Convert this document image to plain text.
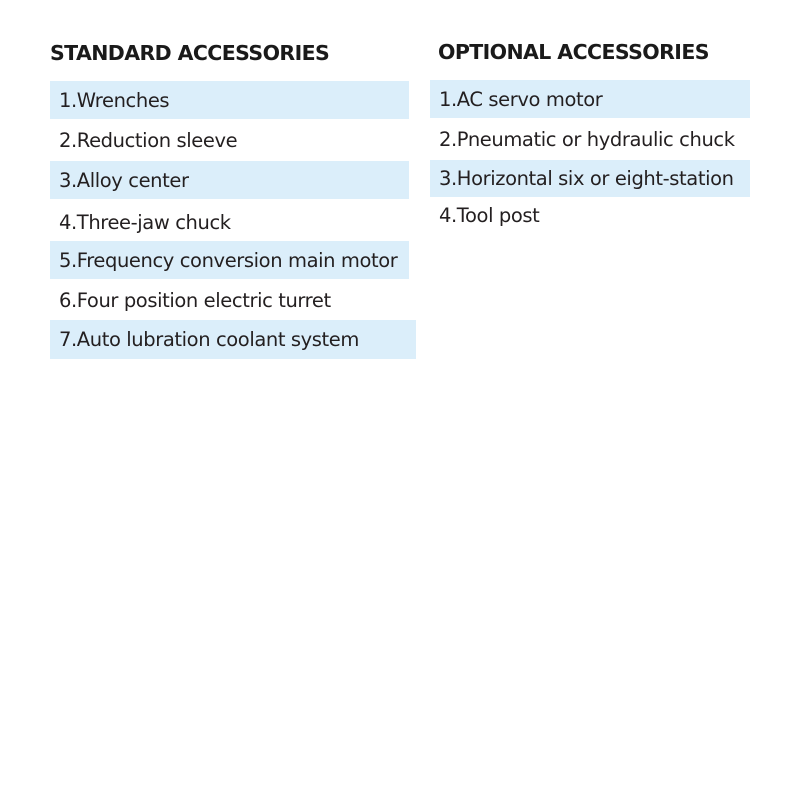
STANDARD ACCESSORIES
1.Wrenches
2.Reduction sleeve
3.Alloy center
4.Three-jaw chuck
5.Frequency conversion main motor
6.Four position electric turret
7.Auto lubration coolant system
OPTIONAL ACCESSORIES
1.AC servo motor
2.Pneumatic or hydraulic chuck
3.Horizontal six or eight-station
4.Tool post
